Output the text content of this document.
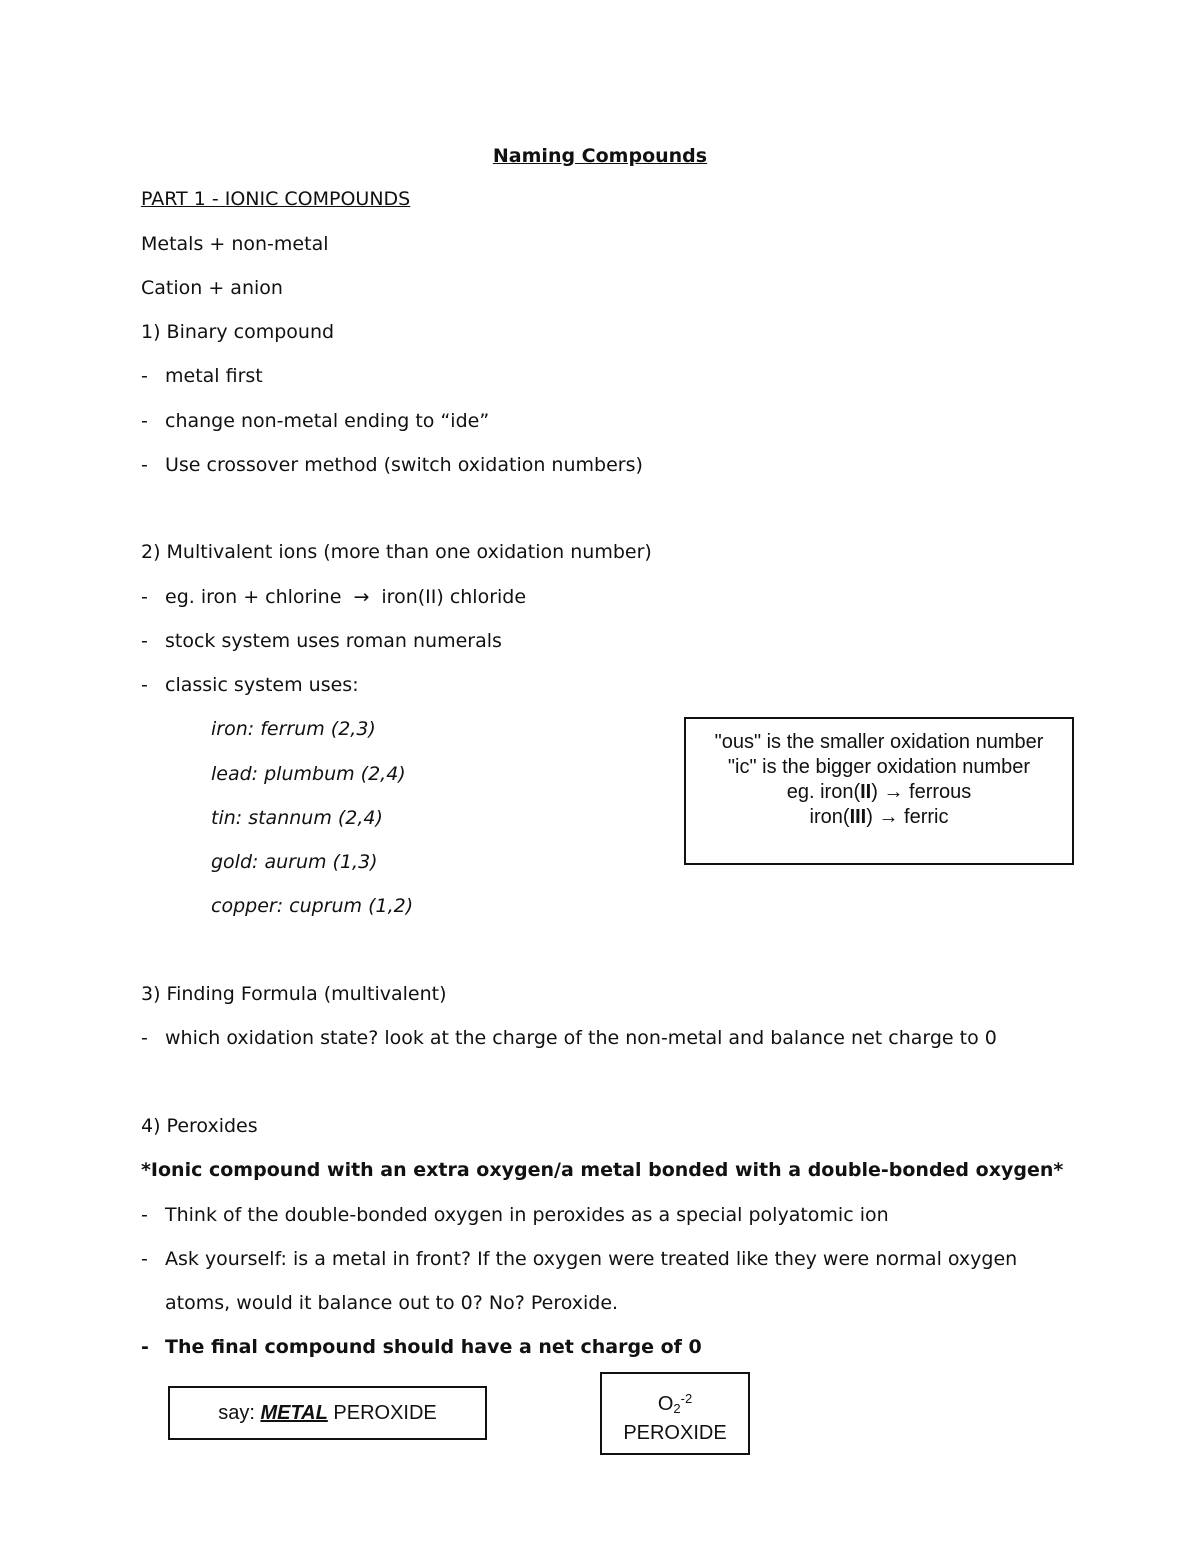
Naming Compounds
PART 1 - IONIC COMPOUNDS
Metals + non-metal
Cation + anion
1) Binary compound
- metal first
- change non-metal ending to “ide”
- Use crossover method (switch oxidation numbers)
2) Multivalent ions (more than one oxidation number)
- eg. iron + chlorine → iron(II) chloride
- stock system uses roman numerals
- classic system uses:
iron: ferrum (2,3)
lead: plumbum (2,4)
tin: stannum (2,4)
gold: aurum (1,3)
copper: cuprum (1,2)
"ous" is the smaller oxidation number
"ic" is the bigger oxidation number
eg. iron(II) → ferrous
iron(III) → ferric
3) Finding Formula (multivalent)
- which oxidation state? look at the charge of the non-metal and balance net charge to 0
4) Peroxides
*Ionic compound with an extra oxygen/a metal bonded with a double-bonded oxygen*
- Think of the double-bonded oxygen in peroxides as a special polyatomic ion
- Ask yourself: is a metal in front? If the oxygen were treated like they were normal oxygen
atoms, would it balance out to 0? No? Peroxide.
- The final compound should have a net charge of 0
say: METAL PEROXIDE	$O_2^{-2}$
PEROXIDE
